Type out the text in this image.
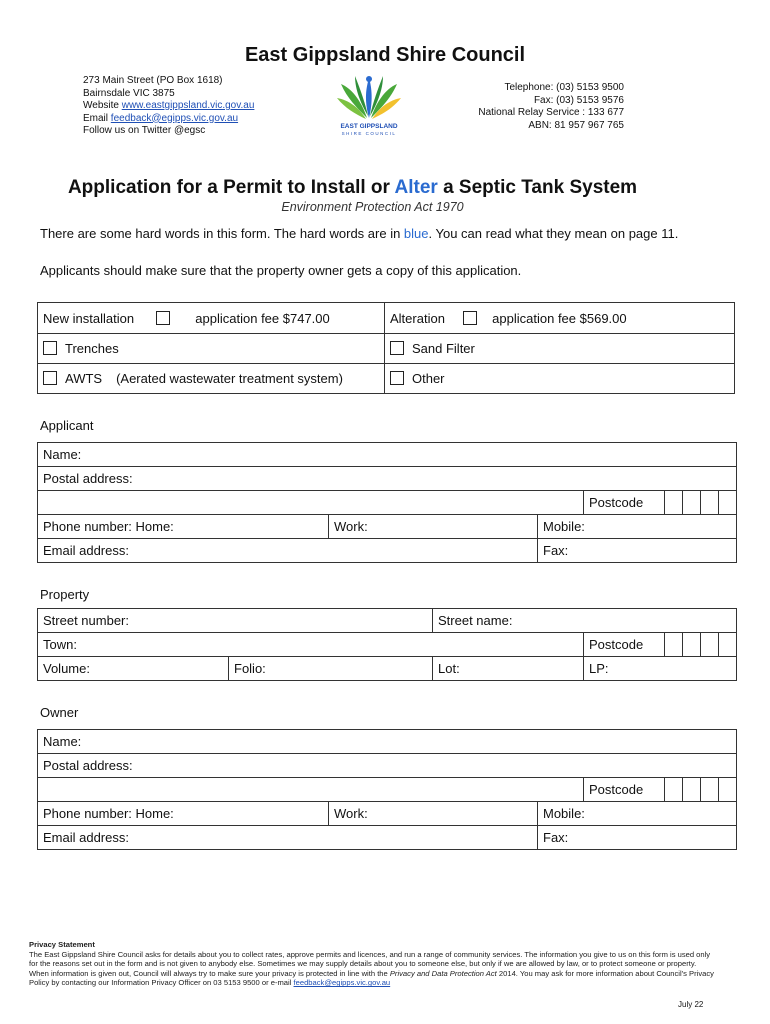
East Gippsland Shire Council
273 Main Street (PO Box 1618)
Bairnsdale VIC 3875
Website www.eastgippsland.vic.gov.au
Email feedback@egipps.vic.gov.au
Follow us on Twitter @egsc	EAST GIPPSLAND
SHIRE COUNCIL
Telephone: (03) 5153 9500
Fax: (03) 5153 9576
National Relay Service : 133 677
ABN: 81 957 967 765
Application for a Permit to Install or Alter a Septic Tank System
Environment Protection Act 1970
There are some hard words in this form. The hard words are in blue. You can read what they mean on page 11.
Applicants should make sure that the property owner gets a copy of this application.
New installation application fee $747.00	Alteration application fee $569.00
Trenches	Sand Filter
AWTS (Aerated wastewater treatment system)	Other
Applicant
Name:							
Postal address:							
			Postcode				
Phone number: Home:	Work:	Mobile:					
Email address:		Fax:					
Property
Street number:		Street name:					
Town:			Postcode				
Volume:	Folio:	Lot:	LP:				
Owner
Name:							
Postal address:							
			Postcode				
Phone number: Home:	Work:	Mobile:					
Email address:		Fax:					
Privacy Statement
The East Gippsland Shire Council asks for details about you to collect rates, approve permits and licences, and run a range of community services. The information you give to us on this form is used only for the reasons set out in the form and is not given to anybody else. Sometimes we may supply details about you to someone else, but only if we are allowed by law, or to protect someone or property.
When information is given out, Council will always try to make sure your privacy is protected in line with the Privacy and Data Protection Act 2014. You may ask for more information about Council's Privacy Policy by contacting our Information Privacy Officer on 03 5153 9500 or e-mail feedback@egipps.vic.gov.au
July 22
